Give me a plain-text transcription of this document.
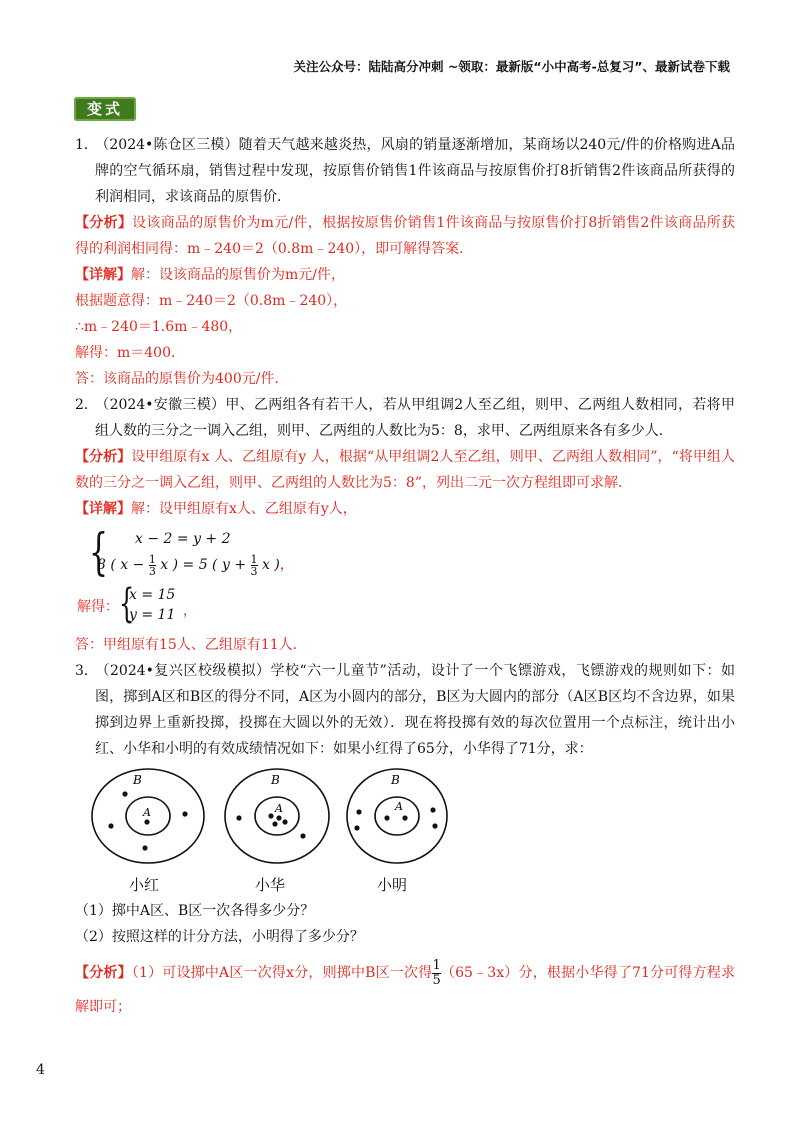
关注公众号：陆陆高分冲刺 ~领取：最新版“小中高考-总复习”、最新试卷下载
变式

1．（2024•陈仓区三模）随着天气越来越炎热，风扇的销量逐渐增加，某商场以240元/件的价格购进A品牌的空气循环扇，销售过程中发现，按原售价销售1件该商品与按原售价打8折销售2件该商品所获得的利润相同，求该商品的原售价．

【分析】设该商品的原售价为m元/件，根据按原售价销售1件该商品与按原售价打8折销售2件该商品所获得的利润相同得：m﹣240＝2（0.8m﹣240），即可解得答案．

【详解】解：设该商品的原售价为m元/件，

根据题意得：m﹣240＝2（0.8m﹣240），

∴m﹣240＝1.6m﹣480，

解得：m＝400．

答：该商品的原售价为400元/件．

2．（2024•安徽三模）甲、乙两组各有若干人，若从甲组调2人至乙组，则甲、乙两组人数相同，若将甲组人数的三分之一调入乙组，则甲、乙两组的人数比为5：8，求甲、乙两组原来各有多少人．

【分析】设甲组原有x 人、乙组原有y 人，根据“从甲组调2人至乙组，则甲、乙两组人数相同”，“将甲组人数的三分之一调入乙组，则甲、乙两组的人数比为5：8”，列出二元一次方程组即可求解．

【详解】解：设甲组原有x人、乙组原有y人，

{ x − 2 = y + 2
8 ( $x - \frac{1}{3}$ x ) = 5 ( $y + \frac{1}{3}$ x )，
解得： {
x = 15
y = 11 ，

答：甲组原有15人、乙组原有11人．

3．（2024•复兴区校级模拟）学校“六一儿童节”活动，设计了一个飞镖游戏，飞镖游戏的规则如下：如图，掷到A区和B区的得分不同，A区为小圆内的部分，B区为大圆内的部分（A区B区均不含边界，如果掷到边界上重新投掷，投掷在大圆以外的无效）．现在将投掷有效的每次位置用一个点标注，统计出小红、小华和小明的有效成绩情况如下：如果小红得了65分，小华得了71分，求：

A
B
小红
A
B
小华
A
B
小明

（1）掷中A区、B区一次各得多少分？

（2）按照这样的计分方法，小明得了多少分？

【分析】（1）可设掷中A区一次得x分，则掷中B区一次得 $\frac{1}{5}$ （65﹣3x）分，根据小华得了71分可得方程求解即可；

4
